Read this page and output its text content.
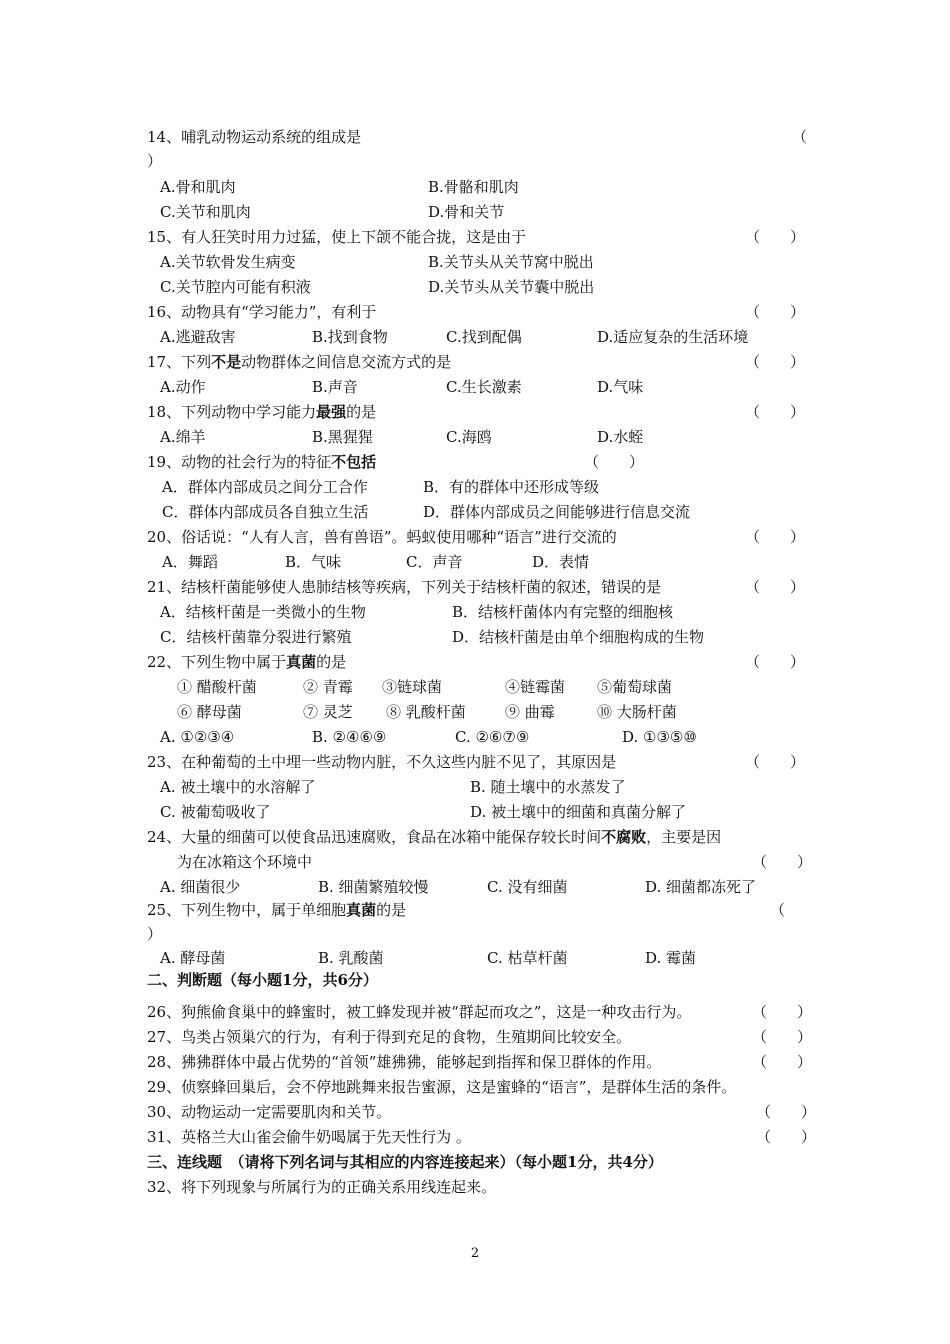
14、哺乳动物运动系统的组成是	（
）
A.骨和肌肉	B.骨骼和肌肉
C.关节和肌肉	D.骨和关节
15、有人狂笑时用力过猛，使上下颌不能合拢，这是由于	（　　）
A.关节软骨发生病变	B.关节头从关节窝中脱出
C.关节腔内可能有积液	D.关节头从关节囊中脱出
16、动物具有“学习能力”，有利于	（　　）
A.逃避敌害	B.找到食物	C.找到配偶	D.适应复杂的生活环境
17、下列不是动物群体之间信息交流方式的是	（　　）
A.动作	B.声音	C.生长激素	D.气味
18、下列动物中学习能力最强的是	（　　）
A.绵羊	B.黑猩猩	C.海鸥	D.水蛭
19、动物的社会行为的特征不包括	（　　）
A．群体内部成员之间分工合作	B．有的群体中还形成等级
C．群体内部成员各自独立生活	D．群体内部成员之间能够进行信息交流
20、俗话说：“人有人言，兽有兽语”。蚂蚁使用哪种“语言”进行交流的	（　　）
A．舞蹈	B．气味	C．声音	D．表情
21、结核杆菌能够使人患肺结核等疾病，下列关于结核杆菌的叙述，错误的是	（　　）
A．结核杆菌是一类微小的生物	B．结核杆菌体内有完整的细胞核
C．结核杆菌靠分裂进行繁殖	D．结核杆菌是由单个细胞构成的生物
22、下列生物中属于真菌的是	（　　）
① 醋酸杆菌	② 青霉 ③链球菌	④链霉菌 ⑤葡萄球菌
⑥ 酵母菌	⑦ 灵芝 ⑧ 乳酸杆菌	⑨ 曲霉	⑩ 大肠杆菌
A. ①②③④	B. ②④⑥⑨	C. ②⑥⑦⑨	D. ①③⑤⑩
23、在种葡萄的土中埋一些动物内脏，不久这些内脏不见了，其原因是	（　　）
A. 被土壤中的水溶解了	B. 随土壤中的水蒸发了
C. 被葡萄吸收了	D. 被土壤中的细菌和真菌分解了
24、大量的细菌可以使食品迅速腐败，食品在冰箱中能保存较长时间不腐败，主要是因
为在冰箱这个环境中	（　　）
A. 细菌很少	B. 细菌繁殖较慢	C. 没有细菌	D. 细菌都冻死了
25、下列生物中，属于单细胞真菌的是	（
）
A. 酵母菌	B. 乳酸菌	C. 枯草杆菌	D. 霉菌
二、判断题（每小题1分，共6分）
26、狗熊偷食巢中的蜂蜜时，被工蜂发现并被“群起而攻之”，这是一种攻击行为。	（　　）
27、鸟类占领巢穴的行为，有利于得到充足的食物，生殖期间比较安全。	（　　）
28、狒狒群体中最占优势的“首领”雄狒狒，能够起到指挥和保卫群体的作用。	（　　）
29、侦察蜂回巢后，会不停地跳舞来报告蜜源，这是蜜蜂的“语言”，是群体生活的条件。
30、动物运动一定需要肌肉和关节。	（　　）
31、英格兰大山雀会偷牛奶喝属于先天性行为 。	（　　）
三、连线题　（请将下列名词与其相应的内容连接起来）（每小题1分，共4分）
32、将下列现象与所属行为的正确关系用线连起来。
2
